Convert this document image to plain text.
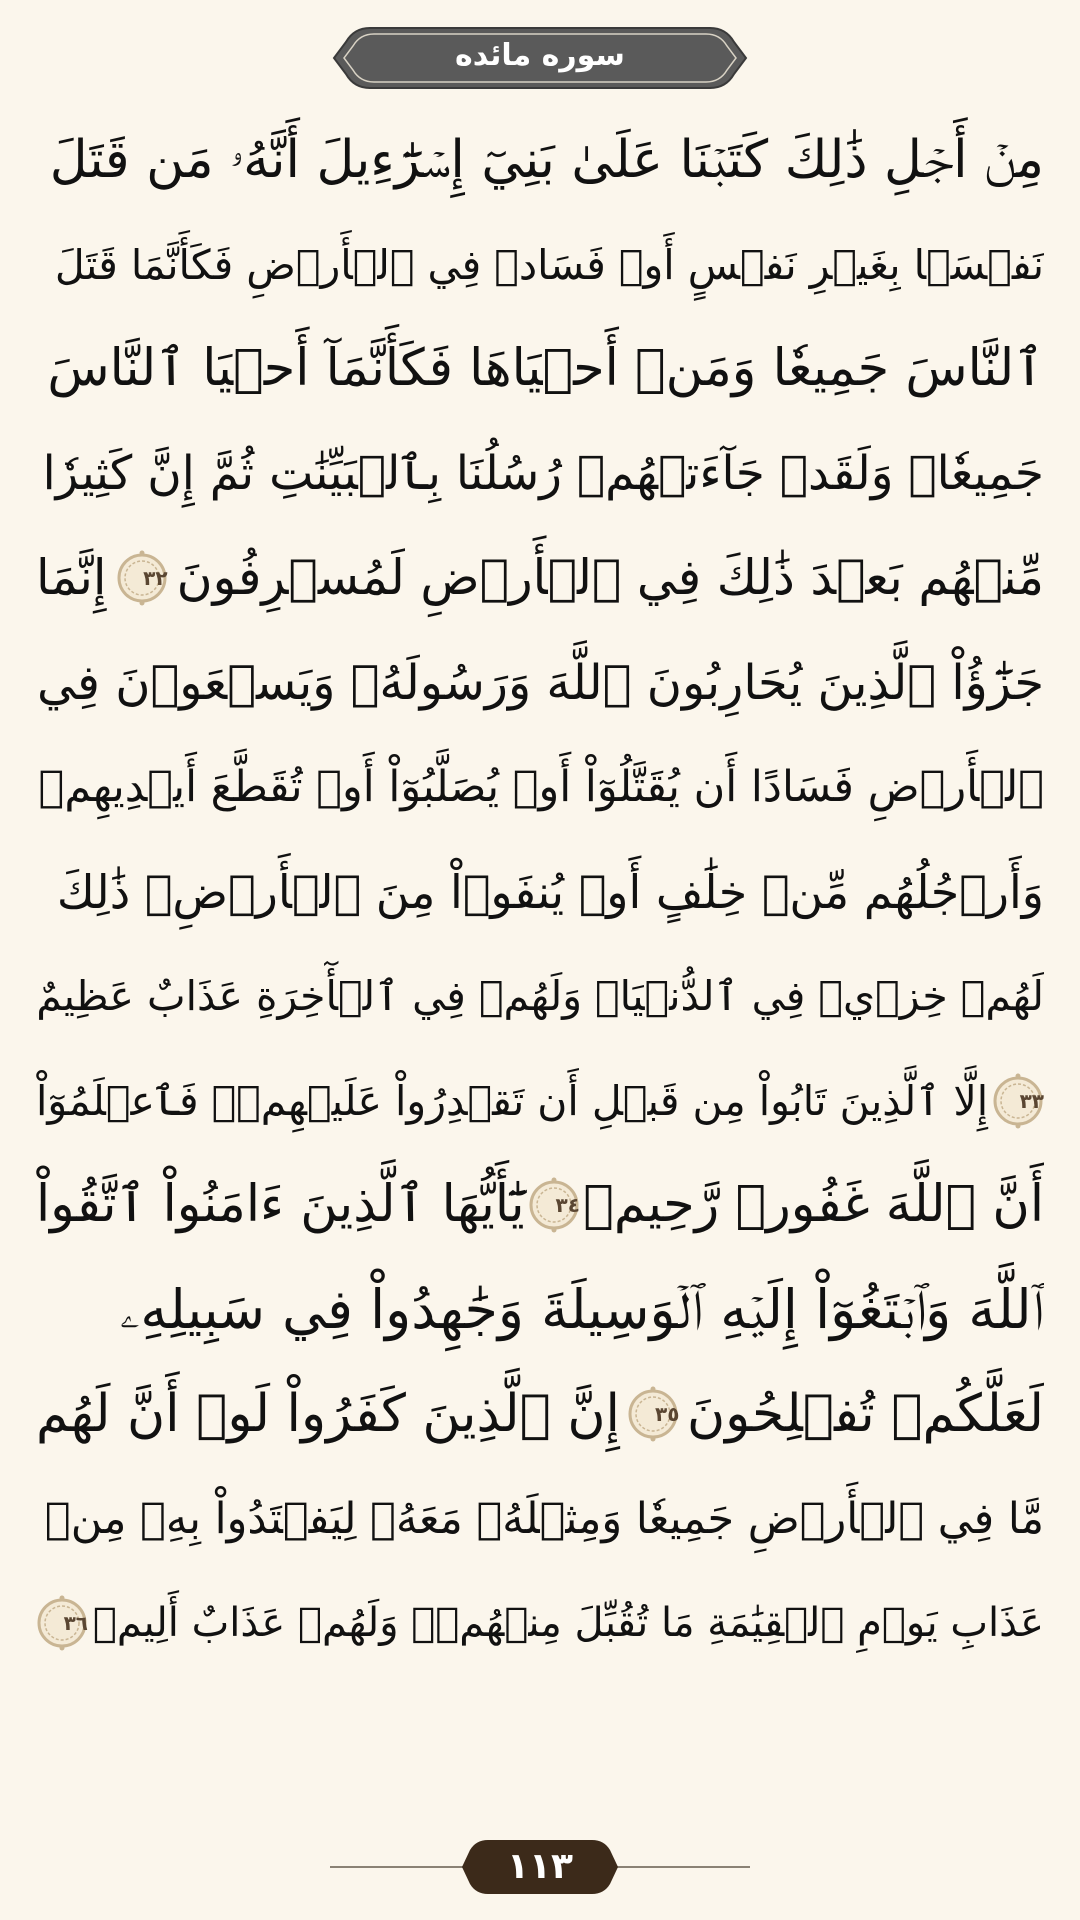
سوره مائده
مِنۡ أَجۡلِ ذَٰلِكَ كَتَبۡنَا عَلَىٰ بَنِيٓ إِسۡرَٰٓءِيلَ أَنَّهُۥ مَن قَتَلَ
نَفۡسَۢا بِغَيۡرِ نَفۡسٍ أَوۡ فَسَادٖ فِي ٱلۡأَرۡضِ فَكَأَنَّمَا قَتَلَ
ٱلنَّاسَ جَمِيعٗا وَمَنۡ أَحۡيَاهَا فَكَأَنَّمَآ أَحۡيَا ٱلنَّاسَ
جَمِيعٗاۚ وَلَقَدۡ جَآءَتۡهُمۡ رُسُلُنَا بِٱلۡبَيِّنَٰتِ ثُمَّ إِنَّ كَثِيرٗا
مِّنۡهُم بَعۡدَ ذَٰلِكَ فِي ٱلۡأَرۡضِ لَمُسۡرِفُونَ
٣٢
إِنَّمَا
جَزَٰٓؤُاْ ٱلَّذِينَ يُحَارِبُونَ ٱللَّهَ وَرَسُولَهُۥ وَيَسۡعَوۡنَ فِي
ٱلۡأَرۡضِ فَسَادًا أَن يُقَتَّلُوٓاْ أَوۡ يُصَلَّبُوٓاْ أَوۡ تُقَطَّعَ أَيۡدِيهِمۡ
وَأَرۡجُلُهُم مِّنۡ خِلَٰفٍ أَوۡ يُنفَوۡاْ مِنَ ٱلۡأَرۡضِۚ ذَٰلِكَ
لَهُمۡ خِزۡيٞ فِي ٱلدُّنۡيَاۖ وَلَهُمۡ فِي ٱلۡأٓخِرَةِ عَذَابٌ عَظِيمٌ
٣٣
إِلَّا ٱلَّذِينَ تَابُواْ مِن قَبۡلِ أَن تَقۡدِرُواْ عَلَيۡهِمۡۖ فَٱعۡلَمُوٓاْ
أَنَّ ٱللَّهَ غَفُورٞ رَّحِيمٞ
٣٤
يَٰٓأَيُّهَا ٱلَّذِينَ ءَامَنُواْ ٱتَّقُواْ
ٱللَّهَ وَٱبۡتَغُوٓاْ إِلَيۡهِ ٱلۡوَسِيلَةَ وَجَٰهِدُواْ فِي سَبِيلِهِۦ
لَعَلَّكُمۡ تُفۡلِحُونَ
٣٥
إِنَّ ٱلَّذِينَ كَفَرُواْ لَوۡ أَنَّ لَهُم
مَّا فِي ٱلۡأَرۡضِ جَمِيعٗا وَمِثۡلَهُۥ مَعَهُۥ لِيَفۡتَدُواْ بِهِۦ مِنۡ
عَذَابِ يَوۡمِ ٱلۡقِيَٰمَةِ مَا تُقُبِّلَ مِنۡهُمۡۖ وَلَهُمۡ عَذَابٌ أَلِيمٞ
٣٦
١١٣
